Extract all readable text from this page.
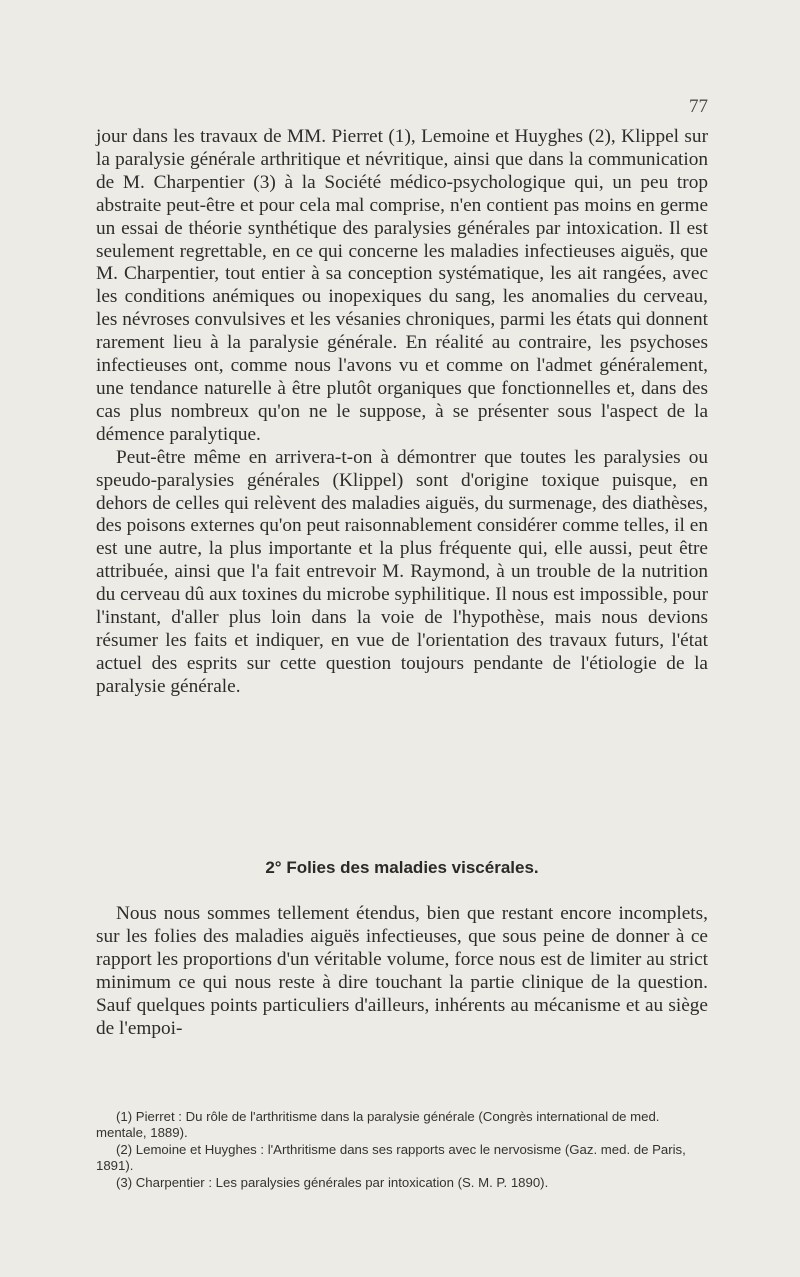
77

jour dans les travaux de MM. Pierret (1), Lemoine et Huyghes (2), Klippel sur la paralysie générale arthritique et névritique, ainsi que dans la communication de M. Charpentier (3) à la Société médico-psychologique qui, un peu trop abstraite peut-être et pour cela mal comprise, n'en contient pas moins en germe un essai de théorie synthétique des paralysies générales par intoxication. Il est seulement regrettable, en ce qui concerne les maladies infectieuses aiguës, que M. Charpentier, tout entier à sa conception systématique, les ait rangées, avec les conditions anémiques ou inopexiques du sang, les anomalies du cerveau, les névroses convulsives et les vésanies chroniques, parmi les états qui donnent rarement lieu à la paralysie générale. En réalité au contraire, les psychoses infectieuses ont, comme nous l'avons vu et comme on l'admet généralement, une tendance naturelle à être plutôt organiques que fonctionnelles et, dans des cas plus nombreux qu'on ne le suppose, à se présenter sous l'aspect de la démence paralytique.

Peut-être même en arrivera-t-on à démontrer que toutes les paralysies ou speudo-paralysies générales (Klippel) sont d'origine toxique puisque, en dehors de celles qui relèvent des maladies aiguës, du surmenage, des diathèses, des poisons externes qu'on peut raisonnablement considérer comme telles, il en est une autre, la plus importante et la plus fréquente qui, elle aussi, peut être attribuée, ainsi que l'a fait entrevoir M. Raymond, à un trouble de la nutrition du cerveau dû aux toxines du microbe syphilitique. Il nous est impossible, pour l'instant, d'aller plus loin dans la voie de l'hypothèse, mais nous devions résumer les faits et indiquer, en vue de l'orientation des travaux futurs, l'état actuel des esprits sur cette question toujours pendante de l'étiologie de la paralysie générale.

2° Folies des maladies viscérales.

Nous nous sommes tellement étendus, bien que restant encore incomplets, sur les folies des maladies aiguës infectieuses, que sous peine de donner à ce rapport les proportions d'un véritable volume, force nous est de limiter au strict minimum ce qui nous reste à dire touchant la partie clinique de la question. Sauf quelques points particuliers d'ailleurs, inhérents au mécanisme et au siège de l'empoi-

(1) Pierret : Du rôle de l'arthritisme dans la paralysie générale (Congrès international de med. mentale, 1889).

(2) Lemoine et Huyghes : l'Arthritisme dans ses rapports avec le nervosisme (Gaz. med. de Paris, 1891).

(3) Charpentier : Les paralysies générales par intoxication (S. M. P. 1890).
